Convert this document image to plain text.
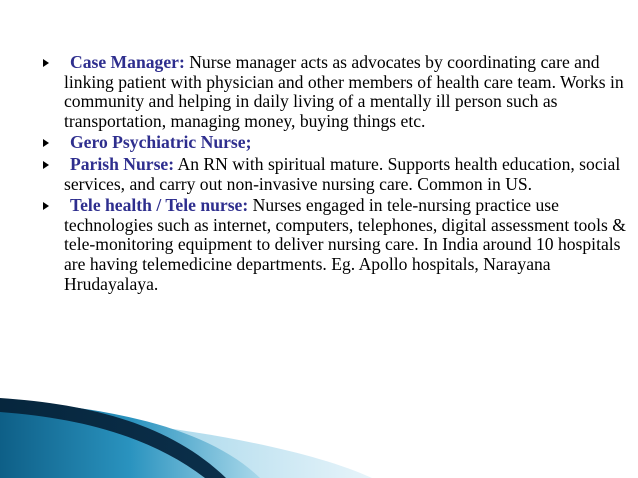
Case Manager: Nurse manager acts as advocates by coordinating care and linking patient with physician and other members of health care team. Works in community and helping in daily living of a mentally ill person such as transportation, managing money, buying things etc.
Gero Psychiatric Nurse;
Parish Nurse: An RN with spiritual mature. Supports health education, social services, and carry out non-invasive nursing care. Common in US.
Tele health / Tele nurse: Nurses engaged in tele-nursing practice use technologies such as internet, computers, telephones, digital assessment tools & tele-monitoring equipment to deliver nursing care. In India around 10 hospitals are having telemedicine departments. Eg. Apollo hospitals, Narayana Hrudayalaya.
